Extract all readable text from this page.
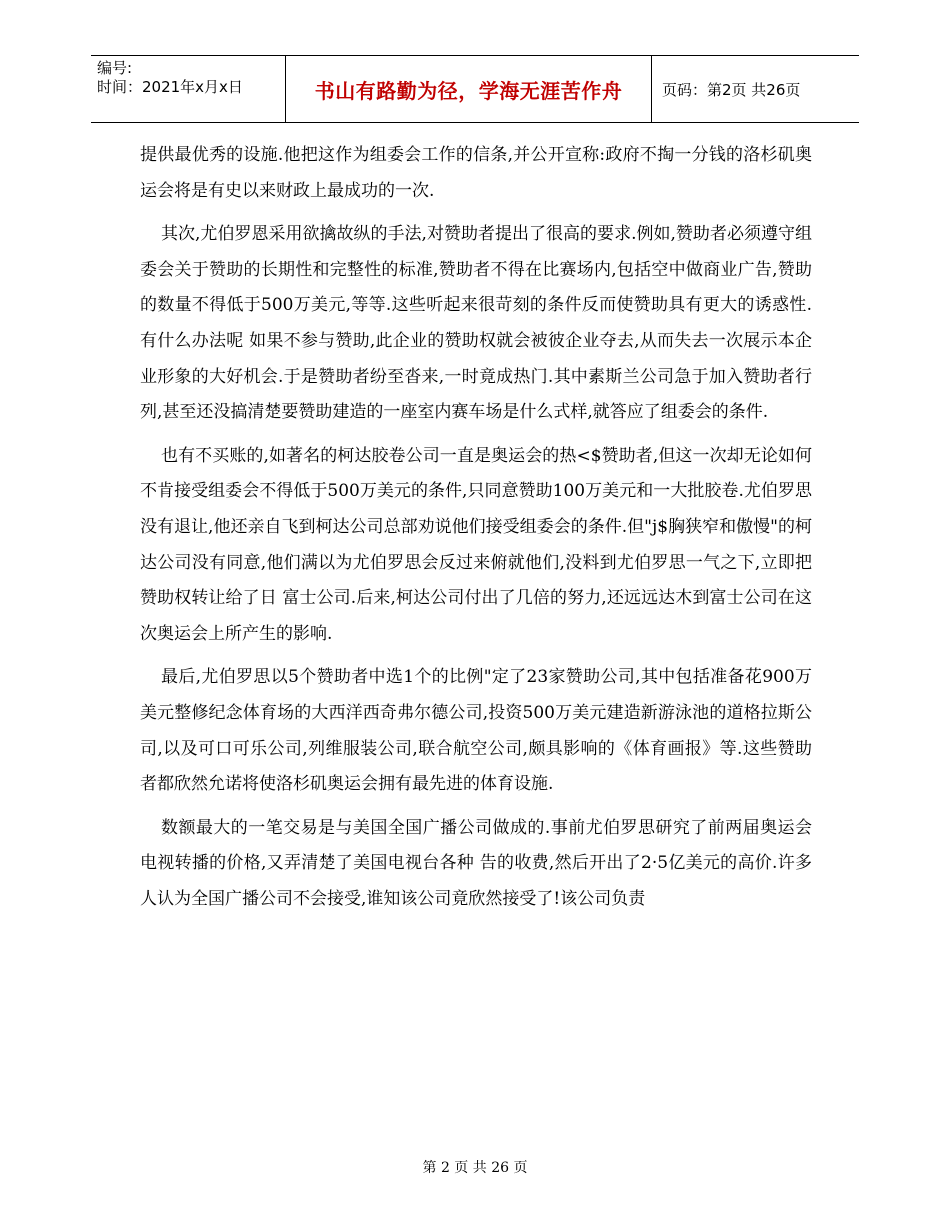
编号:
时间：2021年x月x日	书山有路勤为径，学海无涯苦作舟	页码：第2页 共26页

提供最优秀的设施.他把这作为组委会工作的信条,并公开宣称:政府不掏一分钱的洛杉矶奥运会将是有史以来财政上最成功的一次.

其次,尤伯罗恩采用欲擒故纵的手法,对赞助者提出了很高的要求.例如,赞助者必须遵守组委会关于赞助的长期性和完整性的标准,赞助者不得在比赛场内,包括空中做商业广告,赞助的数量不得低于500万美元,等等.这些听起来很苛刻的条件反而使赞助具有更大的诱惑性.有什么办法呢 如果不参与赞助,此企业的赞助权就会被彼企业夺去,从而失去一次展示本企业形象的大好机会.于是赞助者纷至沓来,一时竟成热门.其中素斯兰公司急于加入赞助者行列,甚至还没搞清楚要赞助建造的一座室内赛车场是什么式样,就答应了组委会的条件.

也有不买账的,如著名的柯达胶卷公司一直是奥运会的热<$赞助者,但这一次却无论如何不肯接受组委会不得低于500万美元的条件,只同意赞助100万美元和一大批胶卷.尤伯罗思没有退让,他还亲自飞到柯达公司总部劝说他们接受组委会的条件.但"j$胸狭窄和傲慢"的柯达公司没有同意,他们满以为尤伯罗思会反过来俯就他们,没料到尤伯罗思一气之下,立即把赞助权转让给了日 富士公司.后来,柯达公司付出了几倍的努力,还远远达木到富士公司在这次奥运会上所产生的影响.

最后,尤伯罗思以5个赞助者中选1个的比例"定了23家赞助公司,其中包括准备花900万美元整修纪念体育场的大西洋西奇弗尔德公司,投资500万美元建造新游泳池的道格拉斯公司,以及可口可乐公司,列维服装公司,联合航空公司,颇具影响的《体育画报》等.这些赞助者都欣然允诺将使洛杉矶奥运会拥有最先进的体育设施.

数额最大的一笔交易是与美国全国广播公司做成的.事前尤伯罗思研究了前两届奥运会电视转播的价格,又弄清楚了美国电视台各种 告的收费,然后开出了2·5亿美元的高价.许多人认为全国广播公司不会接受,谁知该公司竟欣然接受了!该公司负责

第 2 页 共 26 页
